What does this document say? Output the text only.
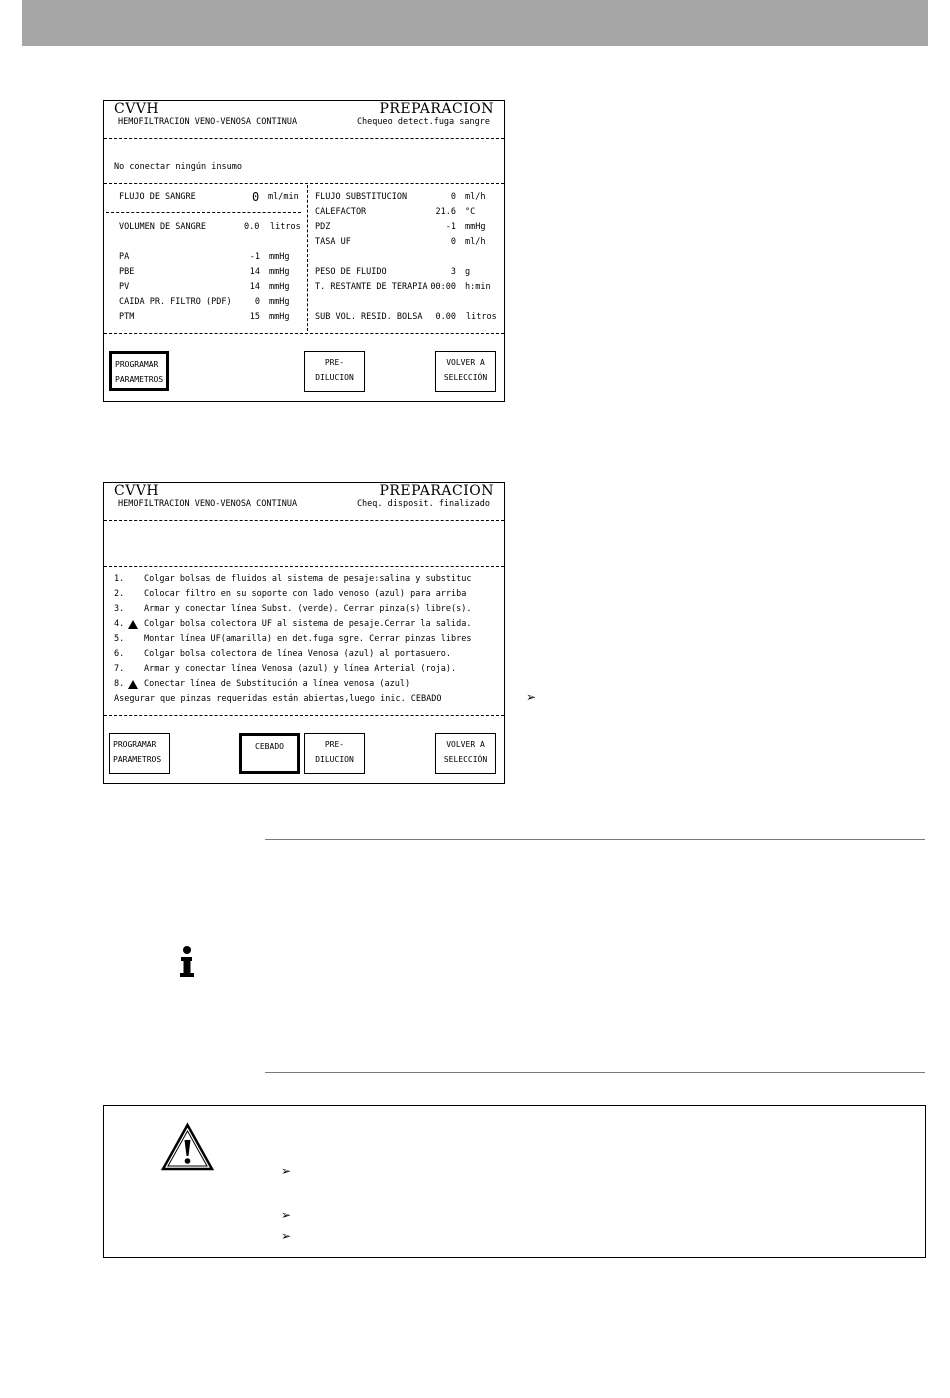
CVVH	PREPARACION
HEMOFILTRACION VENO-VENOSA CONTINUA	Chequeo detect.fuga sangre
No conectar ningún insumo
FLUJO DE SANGRE	0 ml/min
VOLUMEN DE SANGRE	0.0 litros
PA	-1 mmHg
PBE	14 mmHg
PV	14 mmHg
CAIDA PR. FILTRO (PDF)	0 mmHg
PTM	15 mmHg
FLUJO SUBSTITUCION	0 ml/h
CALEFACTOR	21.6 °C
PDZ	-1 mmHg
TASA UF	0 ml/h
PESO DE FLUIDO	3 g
T. RESTANTE DE TERAPIA 00:00 h:min
SUB VOL. RESID. BOLSA	0.00 litros
PROGRAMAR
PARAMETROS
PRE-
DILUCION
VOLVER A
SELECCIÓN
CVVH	PREPARACION
HEMOFILTRACION VENO-VENOSA CONTINUA	Cheq. disposit. finalizado
1. Colgar bolsas de fluidos al sistema de pesaje:salina y substituc
2. Colocar filtro en su soporte con lado venoso (azul) para arriba
3. Armar y conectar línea Subst. (verde). Cerrar pinza(s) libre(s).
4. Colgar bolsa colectora UF al sistema de pesaje.Cerrar la salida.
5. Montar línea UF(amarilla) en det.fuga sgre. Cerrar pinzas libres
6. Colgar bolsa colectora de línea Venosa (azul) al portasuero.
7. Armar y conectar línea Venosa (azul) y línea Arterial (roja).
8. Conectar línea de Substitución a línea venosa (azul)
Asegurar que pinzas requeridas están abiertas,luego inic. CEBADO
PROGRAMAR
PARAMETROS
CEBADO	PRE-
DILUCION
VOLVER A
SELECCIÓN
➢
➢
➢
➢
